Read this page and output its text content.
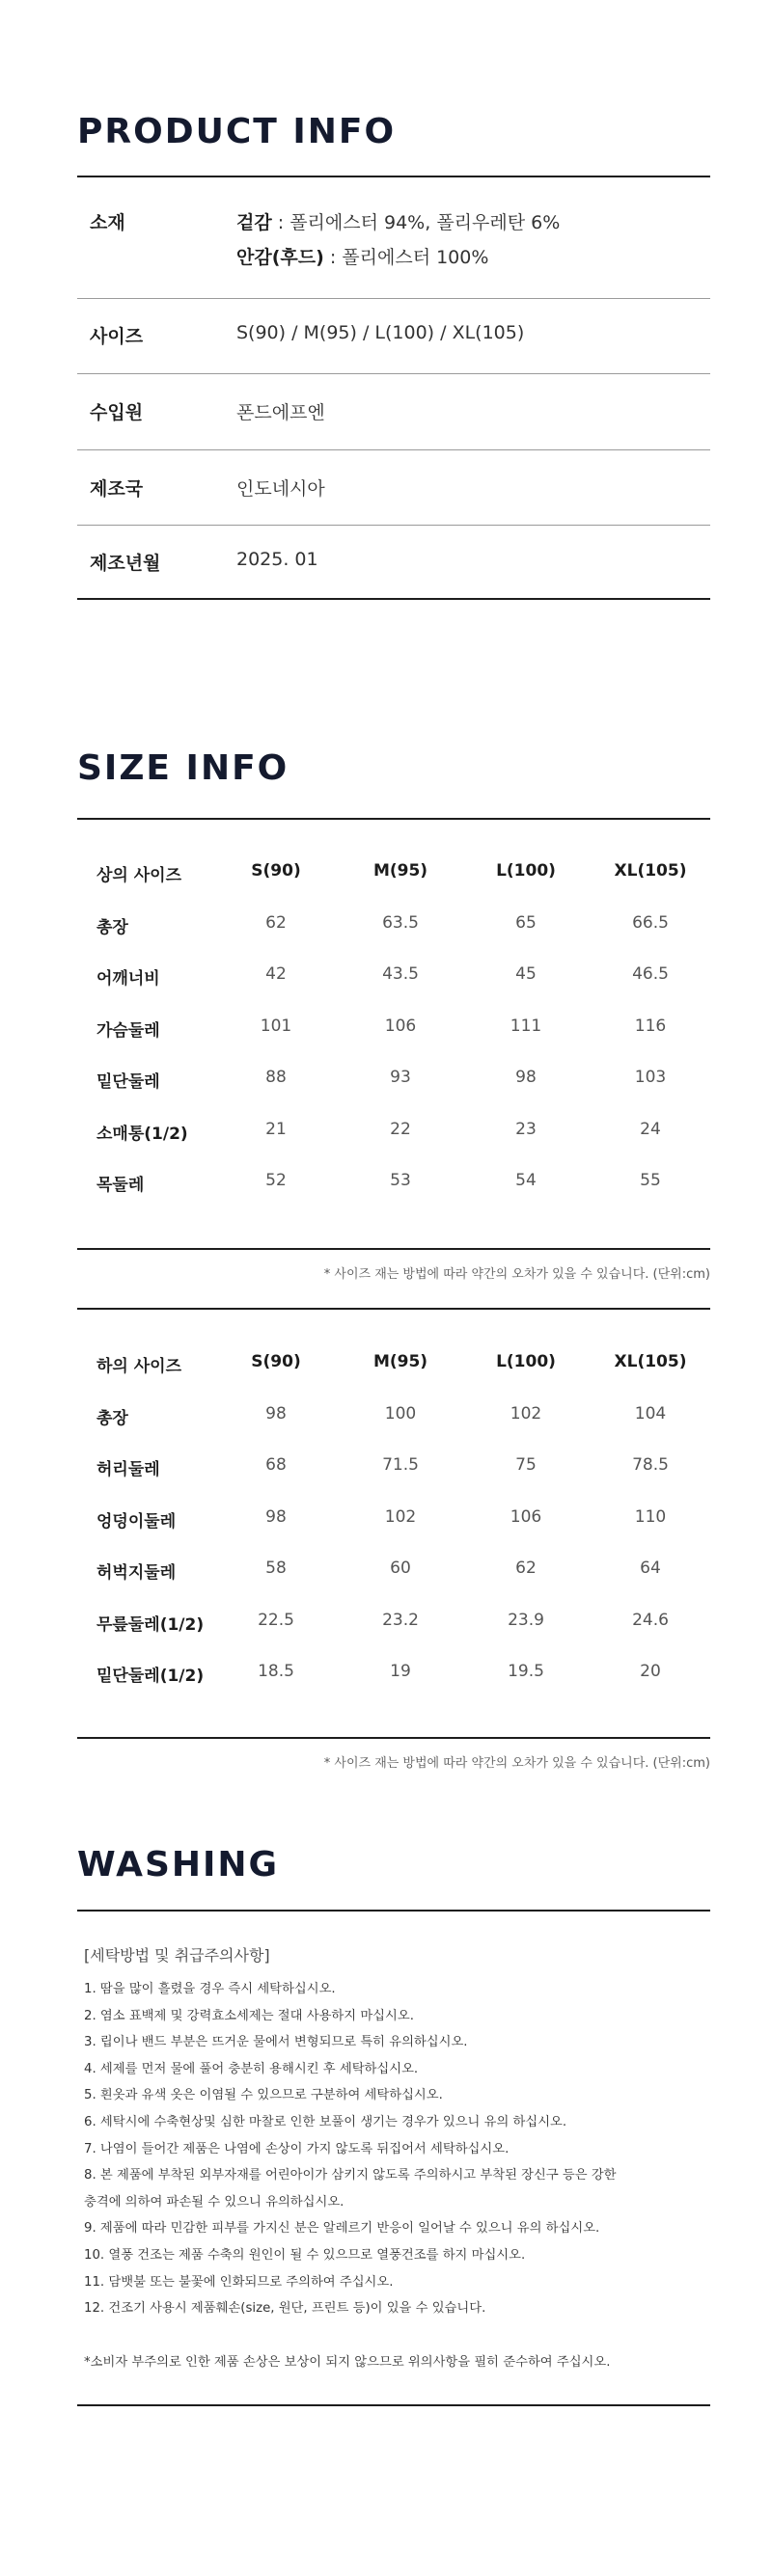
PRODUCT INFO
소재	겉감 : 폴리에스터 94%, 폴리우레탄 6%
안감(후드) : 폴리에스터 100%
사이즈	S(90) / M(95) / L(100) / XL(105)
수입원	폰드에프엔
제조국	인도네시아
제조년월	2025. 01
SIZE INFO
상의 사이즈	S(90)	M(95)	L(100)	XL(105)
총장	62	63.5	65	66.5
어깨너비	42	43.5	45	46.5
가슴둘레	101	106	111	116
밑단둘레	88	93	98	103
소매통(1/2)	21	22	23	24
목둘레	52	53	54	55
* 사이즈 재는 방법에 따라 약간의 오차가 있을 수 있습니다. (단위:cm)
하의 사이즈	S(90)	M(95)	L(100)	XL(105)
총장	98	100	102	104
허리둘레	68	71.5	75	78.5
엉덩이둘레	98	102	106	110
허벅지둘레	58	60	62	64
무릎둘레(1/2)	22.5	23.2	23.9	24.6
밑단둘레(1/2)	18.5	19	19.5	20
* 사이즈 재는 방법에 따라 약간의 오차가 있을 수 있습니다. (단위:cm)
WASHING
[세탁방법 및 취급주의사항]
1. 땀을 많이 흘렸을 경우 즉시 세탁하십시오.
2. 염소 표백제 및 강력효소세제는 절대 사용하지 마십시오.
3. 립이나 밴드 부분은 뜨거운 물에서 변형되므로 특히 유의하십시오.
4. 세제를 먼저 물에 풀어 충분히 용해시킨 후 세탁하십시오.
5. 흰옷과 유색 옷은 이염될 수 있으므로 구분하여 세탁하십시오.
6. 세탁시에 수축현상및 심한 마찰로 인한 보풀이 생기는 경우가 있으니 유의 하십시오.
7. 나염이 들어간 제품은 나염에 손상이 가지 않도록 뒤집어서 세탁하십시오.
8. 본 제품에 부착된 외부자재를 어린아이가 삼키지 않도록 주의하시고 부착된 장신구 등은 강한
충격에 의하여 파손될 수 있으니 유의하십시오.
9. 제품에 따라 민감한 피부를 가지신 분은 알레르기 반응이 일어날 수 있으니 유의 하십시오.
10. 열풍 건조는 제품 수축의 원인이 될 수 있으므로 열풍건조를 하지 마십시오.
11. 담뱃불 또는 불꽃에 인화되므로 주의하여 주십시오.
12. 건조기 사용시 제품훼손(size, 원단, 프린트 등)이 있을 수 있습니다.
*소비자 부주의로 인한 제품 손상은 보상이 되지 않으므로 위의사항을 필히 준수하여 주십시오.
